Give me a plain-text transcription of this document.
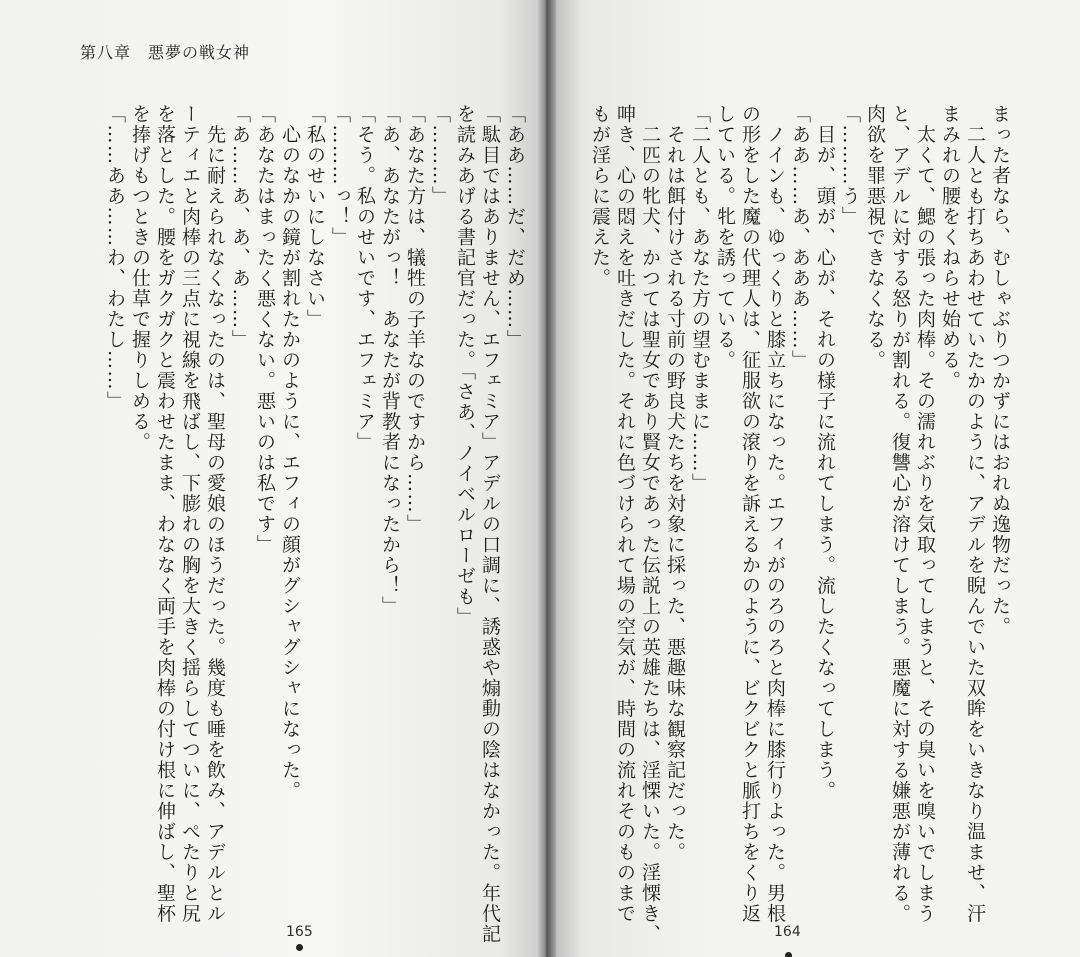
第八章　悪夢の戦女神

「ああ……だ、だめ……」

「駄目ではありません、エフェミア」アデルの口調に、誘惑や煽動の陰はなかった。年代記

を読みあげる書記官だった。「さあ、ノイベルローゼも」

「………」

「あなた方は、犠牲の子羊なのですから……」

「あ、あなたがっ！　あなたが背教者になったから！」

「そう。私のせいです、エフェミア」

「………っ！」

「私のせいにしなさい」

　心のなかの鏡が割れたかのように、エフィの顔がグシャグシャになった。

「あなたはまったく悪くない。悪いのは私です」

「あ……あ、あ、あ……」

　先に耐えられなくなったのは、聖母の愛娘のほうだった。幾度も唾を飲み、アデルとル

ーティエと肉棒の三点に視線を飛ばし、下膨れの胸を大きく揺らしてついに、ぺたりと尻

を落とした。腰をガクガクと震わせたまま、わななく両手を肉棒の付け根に伸ばし、聖杯

を捧げもつときの仕草で握りしめる。

「……ああ……わ、わたし……」

165

まった者なら、むしゃぶりつかずにはおれぬ逸物だった。

　二人とも打ちあわせていたかのように、アデルを睨んでいた双眸をいきなり温ませ、汗

まみれの腰をくねらせ始める。

　太くて、鰓の張った肉棒。その濡れぶりを気取ってしまうと、その臭いを嗅いでしまう

と、アデルに対する怒りが割れる。復讐心が溶けてしまう。悪魔に対する嫌悪が薄れる。

肉欲を罪悪視できなくなる。

「………う」

　目が、頭が、心が、それの様子に流れてしまう。流したくなってしまう。

「ああ……あ、あああ……」

　ノインも、ゆっくりと膝立ちになった。エフィがのろのろと肉棒に膝行りよった。男根

の形をした魔の代理人は、征服欲の滾りを訴えるかのように、ビクビクと脈打ちをくり返

している。牝を誘っている。

「二人とも、あなた方の望むままに……」

　それは餌付けされる寸前の野良犬たちを対象に採った、悪趣味な観察記だった。

　二匹の牝犬、かつては聖女であり賢女であった伝説上の英雄たちは、淫慄いた。淫慄き、

呻き、心の悶えを吐きだした。それに色づけられて場の空気が、時間の流れそのものまで

もが淫らに震えた。

164
